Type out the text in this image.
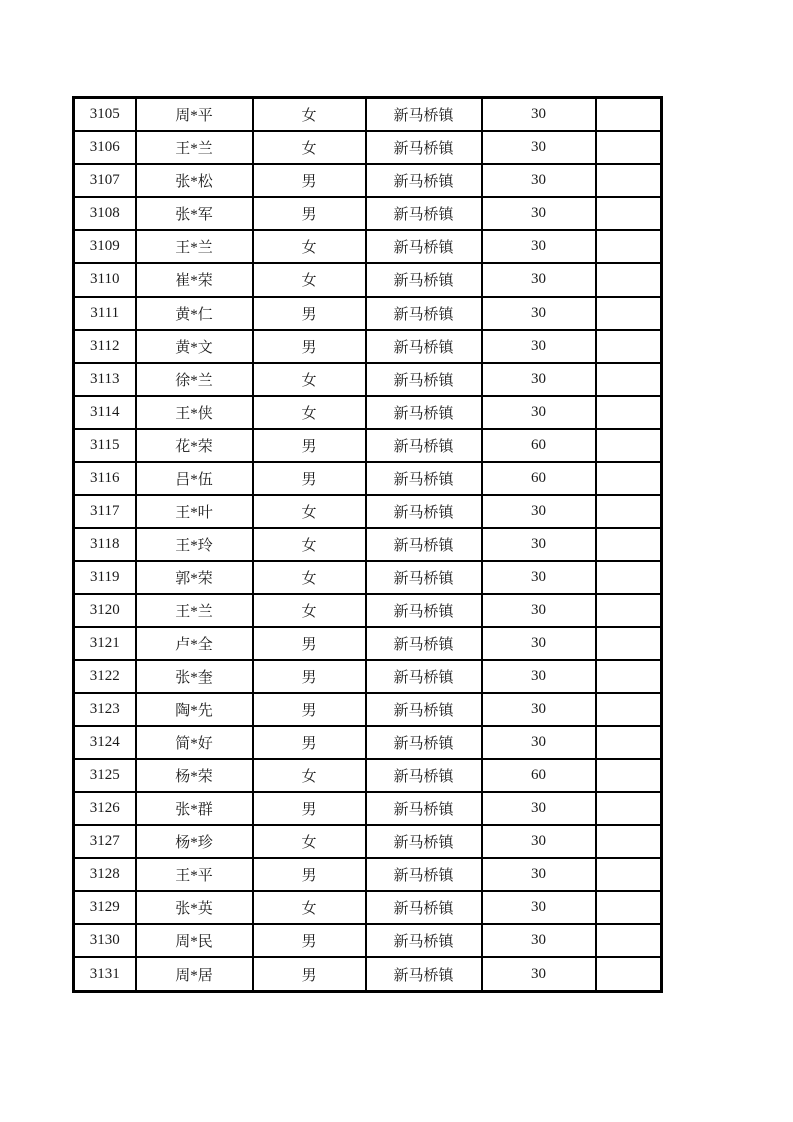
3105	周*平	女	新马桥镇	30	
3106	王*兰	女	新马桥镇	30	
3107	张*松	男	新马桥镇	30	
3108	张*军	男	新马桥镇	30	
3109	王*兰	女	新马桥镇	30	
3110	崔*荣	女	新马桥镇	30	
3111	黄*仁	男	新马桥镇	30	
3112	黄*文	男	新马桥镇	30	
3113	徐*兰	女	新马桥镇	30	
3114	王*侠	女	新马桥镇	30	
3115	花*荣	男	新马桥镇	60	
3116	吕*伍	男	新马桥镇	60	
3117	王*叶	女	新马桥镇	30	
3118	王*玲	女	新马桥镇	30	
3119	郭*荣	女	新马桥镇	30	
3120	王*兰	女	新马桥镇	30	
3121	卢*全	男	新马桥镇	30	
3122	张*奎	男	新马桥镇	30	
3123	陶*先	男	新马桥镇	30	
3124	简*好	男	新马桥镇	30	
3125	杨*荣	女	新马桥镇	60	
3126	张*群	男	新马桥镇	30	
3127	杨*珍	女	新马桥镇	30	
3128	王*平	男	新马桥镇	30	
3129	张*英	女	新马桥镇	30	
3130	周*民	男	新马桥镇	30	
3131	周*居	男	新马桥镇	30	
